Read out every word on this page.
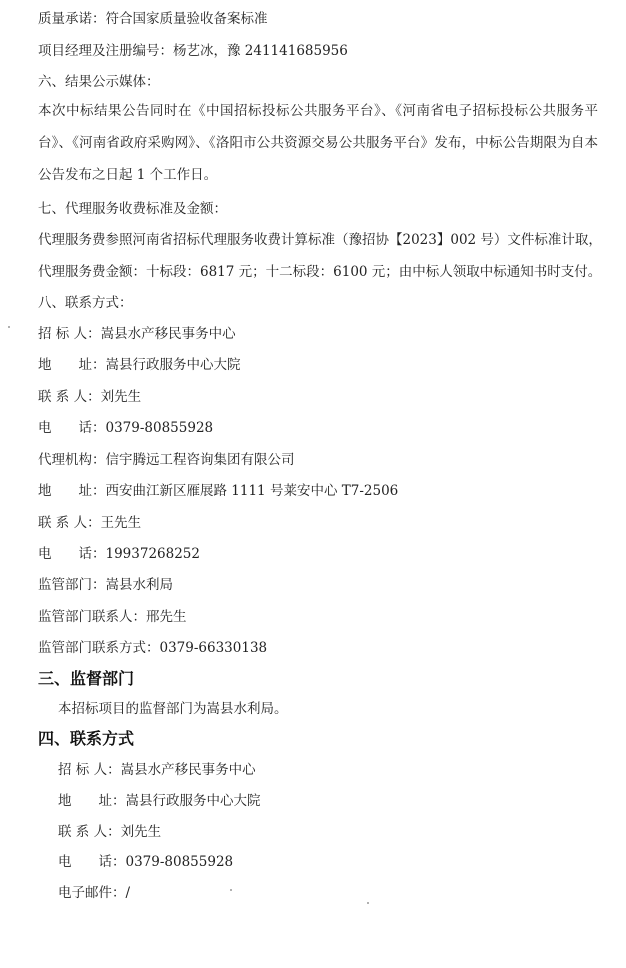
质量承诺：符合国家质量验收备案标准
项目经理及注册编号：杨艺冰，豫 241141685956
六、结果公示媒体：
本次中标结果公告同时在《中国招标投标公共服务平台》、《河南省电子招标投标公共服务平台》、《河南省政府采购网》、《洛阳市公共资源交易公共服务平台》发布，中标公告期限为自本公告发布之日起 1 个工作日。
七、代理服务收费标准及金额：
代理服务费参照河南省招标代理服务收费计算标准（豫招协【2023】002 号）文件标准计取，
代理服务费金额：十标段：6817 元；十二标段：6100 元；由中标人领取中标通知书时支付。
八、联系方式：
招 标 人：嵩县水产移民事务中心
地　　址：嵩县行政服务中心大院
联 系 人：刘先生
电　　话：0379-80855928
代理机构：信宇腾远工程咨询集团有限公司
地　　址：西安曲江新区雁展路 1111 号莱安中心 T7-2506
联 系 人：王先生
电　　话：19937268252
监管部门：嵩县水利局
监管部门联系人：邢先生
监管部门联系方式：0379-66330138
三、监督部门
本招标项目的监督部门为嵩县水利局。
四、联系方式
招 标 人：嵩县水产移民事务中心
地　　址：嵩县行政服务中心大院
联 系 人：刘先生
电　　话：0379-80855928
电子邮件：/
